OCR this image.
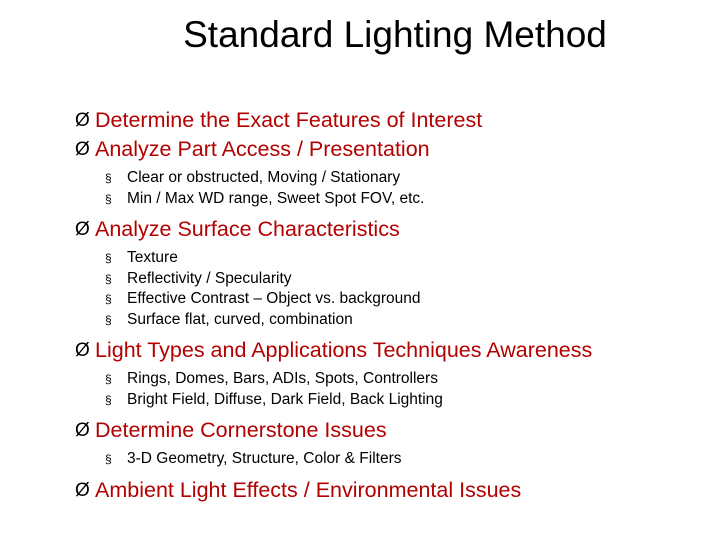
Standard Lighting Method
Ø Determine the Exact Features of Interest
Ø Analyze Part Access / Presentation
§ Clear or obstructed, Moving / Stationary
§ Min / Max WD range, Sweet Spot FOV, etc.
Ø Analyze Surface Characteristics
§ Texture
§ Reflectivity / Specularity
§ Effective Contrast – Object vs. background
§ Surface flat, curved, combination
Ø Light Types and Applications Techniques Awareness
§ Rings, Domes, Bars, ADIs, Spots, Controllers
§ Bright Field, Diffuse, Dark Field, Back Lighting
Ø Determine Cornerstone Issues
§ 3-D Geometry, Structure, Color & Filters
Ø Ambient Light Effects / Environmental Issues
